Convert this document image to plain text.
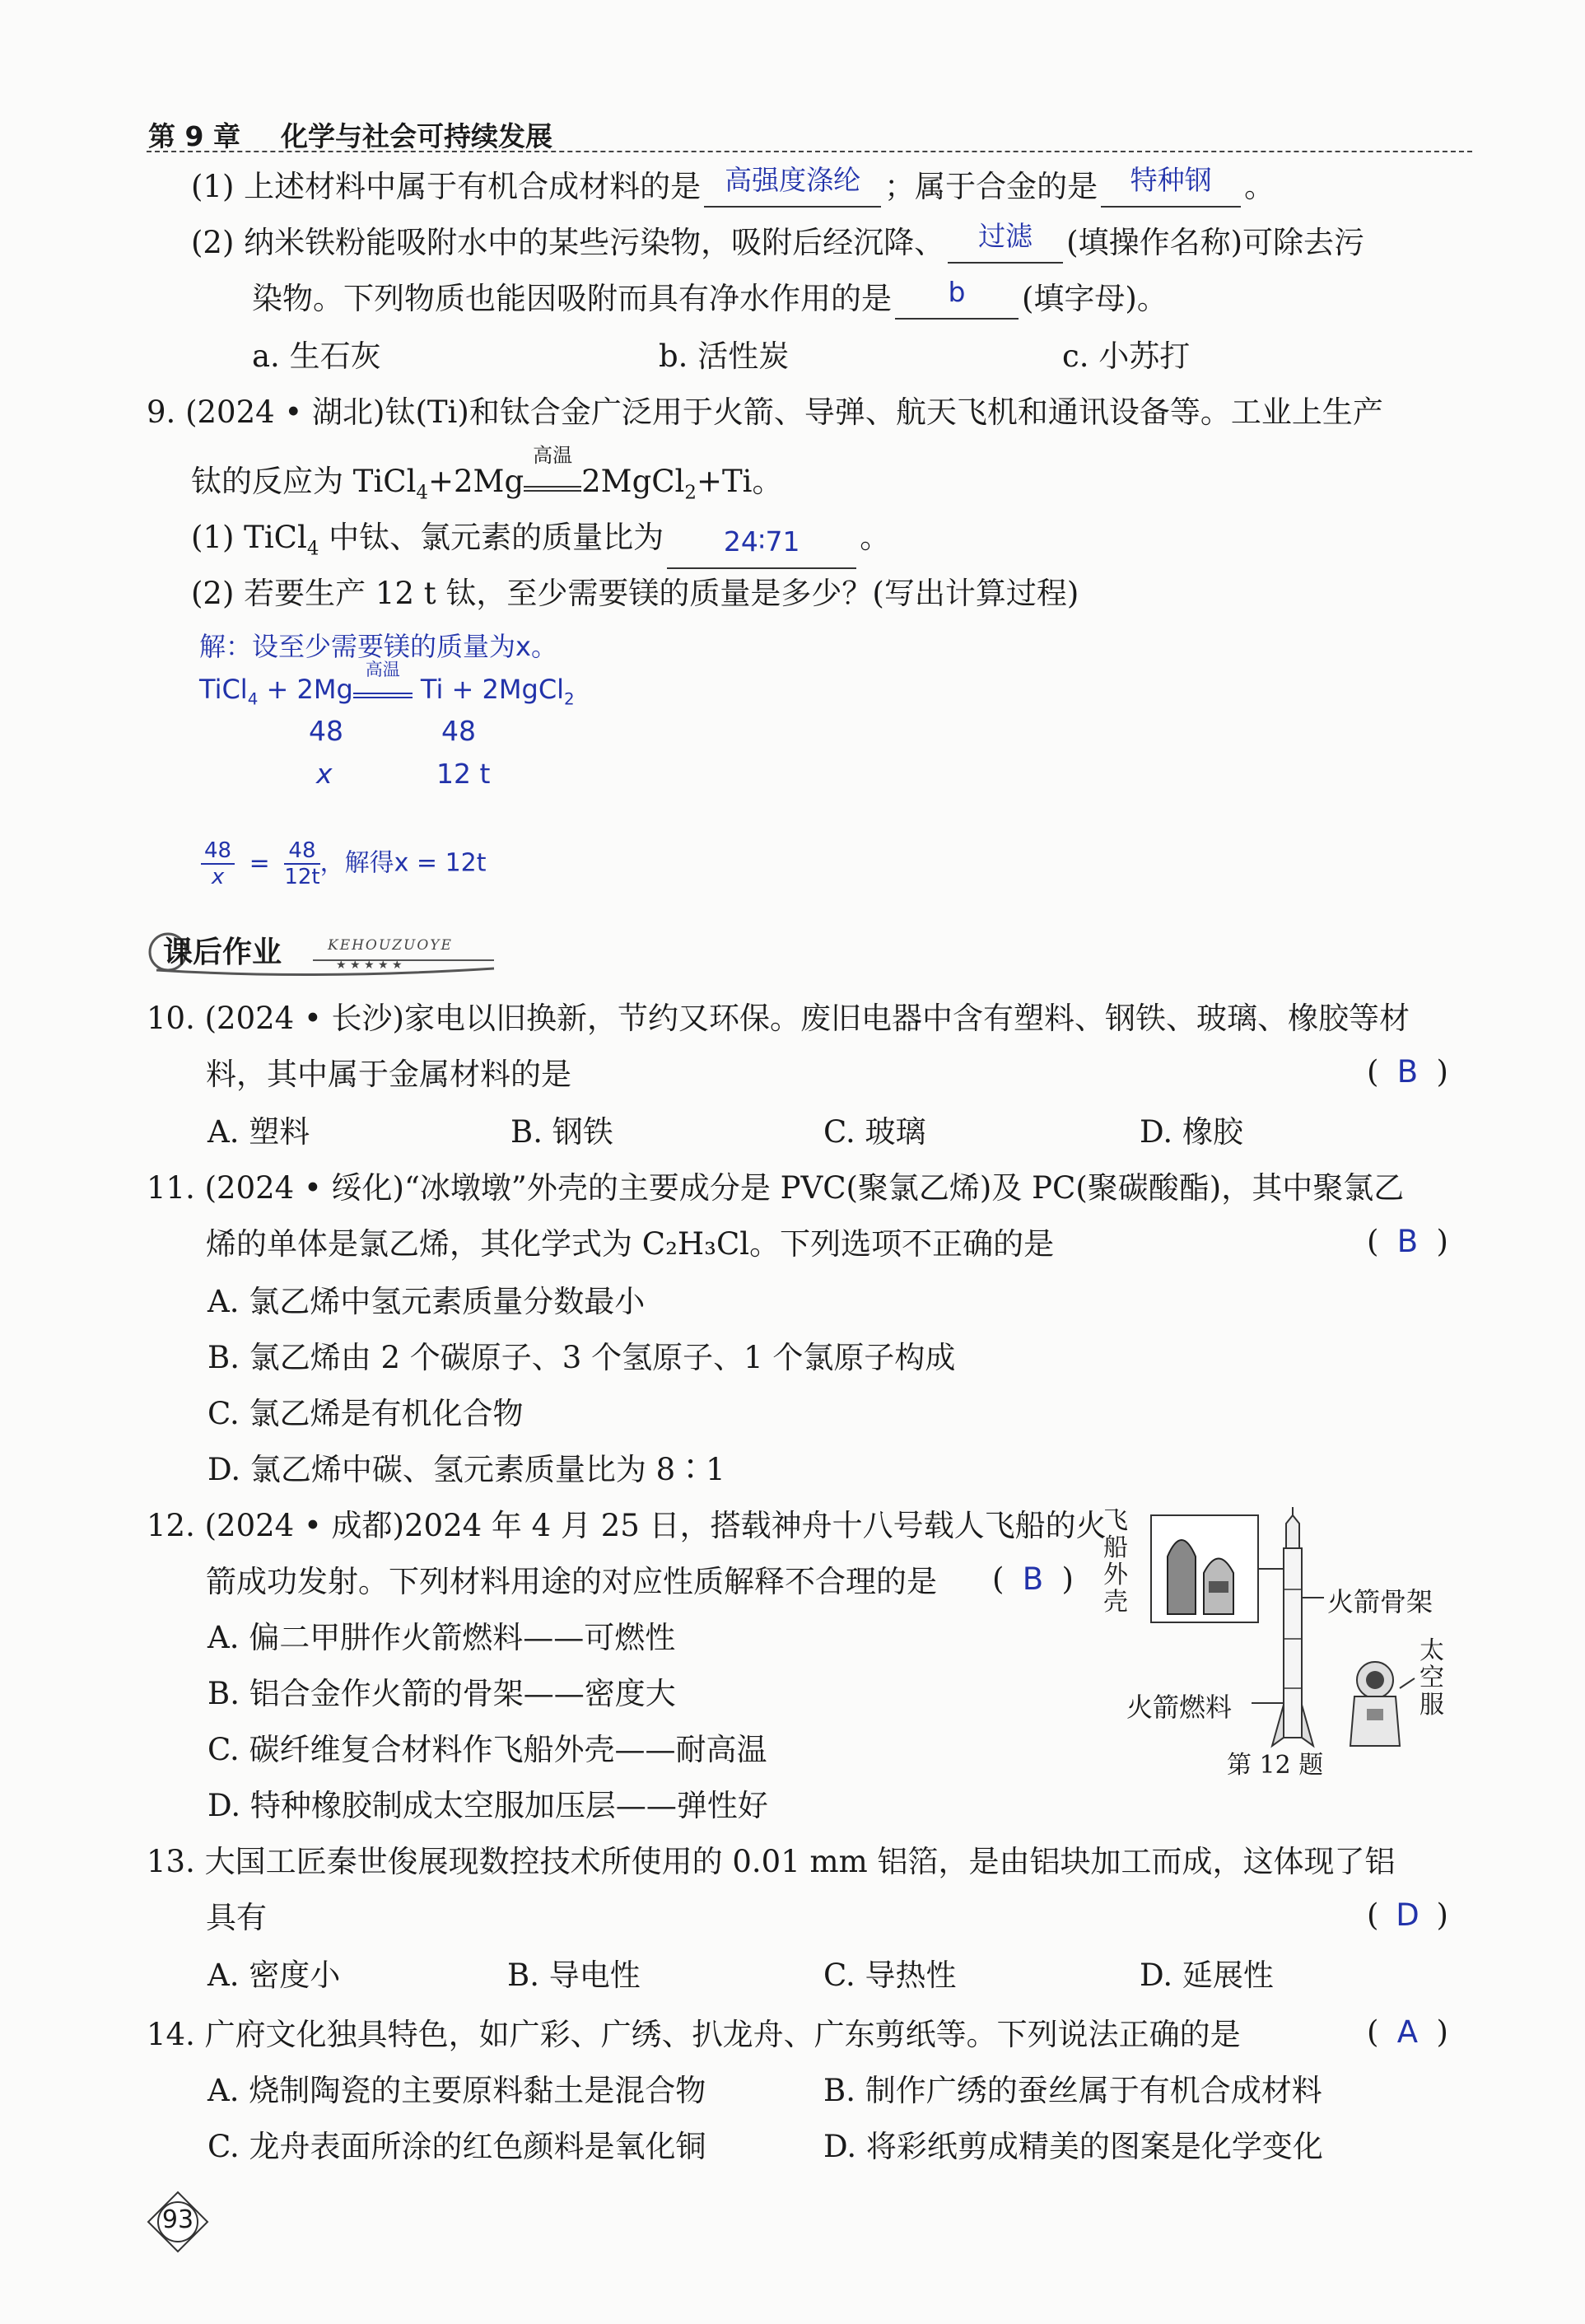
第 9 章 化学与社会可持续发展
(1) 上述材料中属于有机合成材料的是 高强度涤纶 ；属于合金的是	特种钢	。
(2) 纳米铁粉能吸附水中的某些污染物，吸附后经沉降、	过滤	(填操作名称)可除去污
染物。下列物质也能因吸附而具有净水作用的是	b	(填字母)。
a. 生石灰	b. 活性炭	c. 小苏打
9. (2024 • 湖北)钛(Ti)和钛合金广泛用于火箭、导弹、航天飞机和通讯设备等。工业上生产
钛的反应为 TiCl$_4$+2Mg
高温
2MgCl$_2$+Ti。
(1) TiCl$_4$ 中钛、氯元素的质量比为	24∶71	。
(2) 若要生产 12 t 钛，至少需要镁的质量是多少？(写出计算过程)
解：设至少需要镁的质量为x。
TiCl$_4$ + 2Mg
高温
Ti + 2MgCl$_2$
48	48
x	12 t
$\frac{48}{x} = \frac{48}{12t}$ ，解得x = 12t
课后作业	KEHOUZUOYE
★ ★ ★ ★ ★
10. (2024 • 长沙)家电以旧换新，节约又环保。废旧电器中含有塑料、钢铁、玻璃、橡胶等材
料，其中属于金属材料的是	( B )
A. 塑料	B. 钢铁	C. 玻璃	D. 橡胶
11. (2024 • 绥化)“冰墩墩”外壳的主要成分是 PVC(聚氯乙烯)及 PC(聚碳酸酯)，其中聚氯乙
烯的单体是氯乙烯，其化学式为 C₂H₃Cl。下列选项不正确的是	( B )
A. 氯乙烯中氢元素质量分数最小
B. 氯乙烯由 2 个碳原子、3 个氢原子、1 个氯原子构成
C. 氯乙烯是有机化合物
D. 氯乙烯中碳、氢元素质量比为 8∶1
12. (2024 • 成都)2024 年 4 月 25 日，搭载神舟十八号载人飞船的火
箭成功发射。下列材料用途的对应性质解释不合理的是 ( B )
A. 偏二甲肼作火箭燃料——可燃性
B. 铝合金作火箭的骨架——密度大
C. 碳纤维复合材料作飞船外壳——耐高温
D. 特种橡胶制成太空服加压层——弹性好
飞船外壳	火箭骨架
火箭燃料
太空服
第 12 题
13. 大国工匠秦世俊展现数控技术所使用的 0.01 mm 铝箔，是由铝块加工而成，这体现了铝
具有	( D )
A. 密度小	B. 导电性	C. 导热性	D. 延展性
14. 广府文化独具特色，如广彩、广绣、扒龙舟、广东剪纸等。下列说法正确的是	( A )
A. 烧制陶瓷的主要原料黏土是混合物	B. 制作广绣的蚕丝属于有机合成材料
C. 龙舟表面所涂的红色颜料是氧化铜	D. 将彩纸剪成精美的图案是化学变化
93
